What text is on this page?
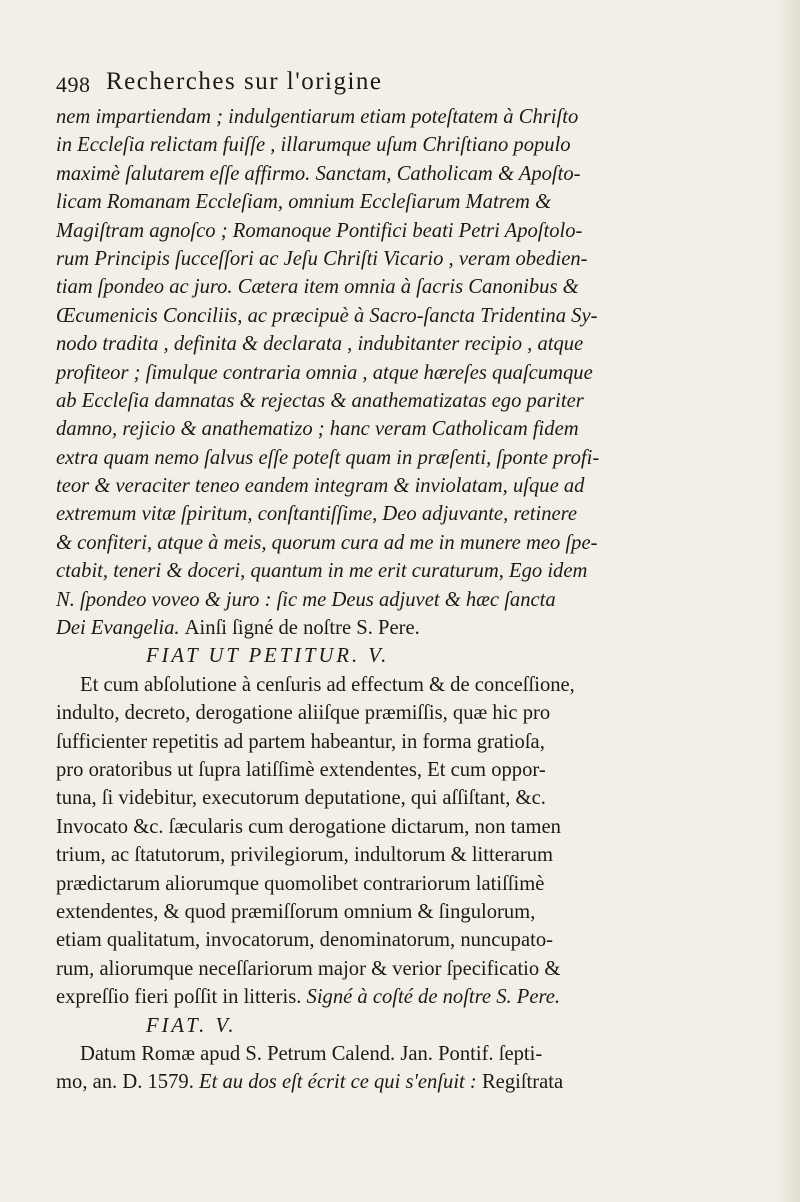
498 Recherches sur l'origine
nem impartiendam ; indulgentiarum etiam poteſtatem à Chriſto
in Eccleſia relictam fuiſſe , illarumque uſum Chriſtiano populo
maximè ſalutarem eſſe affirmo. Sanctam, Catholicam & Apoſto-
licam Romanam Eccleſiam, omnium Eccleſiarum Matrem &
Magiſtram agnoſco ; Romanoque Pontifici beati Petri Apoſtolo-
rum Principis ſucceſſori ac Jeſu Chriſti Vicario , veram obedien-
tiam ſpondeo ac juro. Cætera item omnia à ſacris Canonibus &
Œcumenicis Conciliis, ac præcipuè à Sacro-ſancta Tridentina Sy-
nodo tradita , definita & declarata , indubitanter recipio , atque
profiteor ; ſimulque contraria omnia , atque hæreſes quaſcumque
ab Eccleſia damnatas & rejectas & anathematizatas ego pariter
damno, rejicio & anathematizo ; hanc veram Catholicam fidem
extra quam nemo ſalvus eſſe poteſt quam in præſenti, ſponte profi-
teor & veraciter teneo eandem integram & inviolatam, uſque ad
extremum vitæ ſpiritum, conſtantiſſime, Deo adjuvante, retinere
& confiteri, atque à meis, quorum cura ad me in munere meo ſpe-
ctabit, teneri & doceri, quantum in me erit curaturum, Ego idem
N. ſpondeo voveo & juro : ſic me Deus adjuvet & hæc ſancta
Dei Evangelia. Ainſi ſigné de noſtre S. Pere.
FIAT UT PETITUR. V.
Et cum abſolutione à cenſuris ad effectum & de conceſſione,
indulto, decreto, derogatione aliiſque præmiſſis, quæ hic pro
ſufficienter repetitis ad partem habeantur, in forma gratioſa,
pro oratoribus ut ſupra latiſſimè extendentes, Et cum oppor-
tuna, ſi videbitur, executorum deputatione, qui aſſiſtant, &c.
Invocato &c. ſæcularis cum derogatione dictarum, non tamen
trium, ac ſtatutorum, privilegiorum, indultorum & litterarum
prædictarum aliorumque quomolibet contrariorum latiſſimè
extendentes, & quod præmiſſorum omnium & ſingulorum,
etiam qualitatum, invocatorum, denominatorum, nuncupato-
rum, aliorumque neceſſariorum major & verior ſpecificatio &
expreſſio fieri poſſit in litteris. Signé à coſté de noſtre S. Pere.
FIAT. V.
Datum Romæ apud S. Petrum Calend. Jan. Pontif. ſepti-
mo, an. D. 1579. Et au dos eſt écrit ce qui s'enſuit : Regiſtrata
